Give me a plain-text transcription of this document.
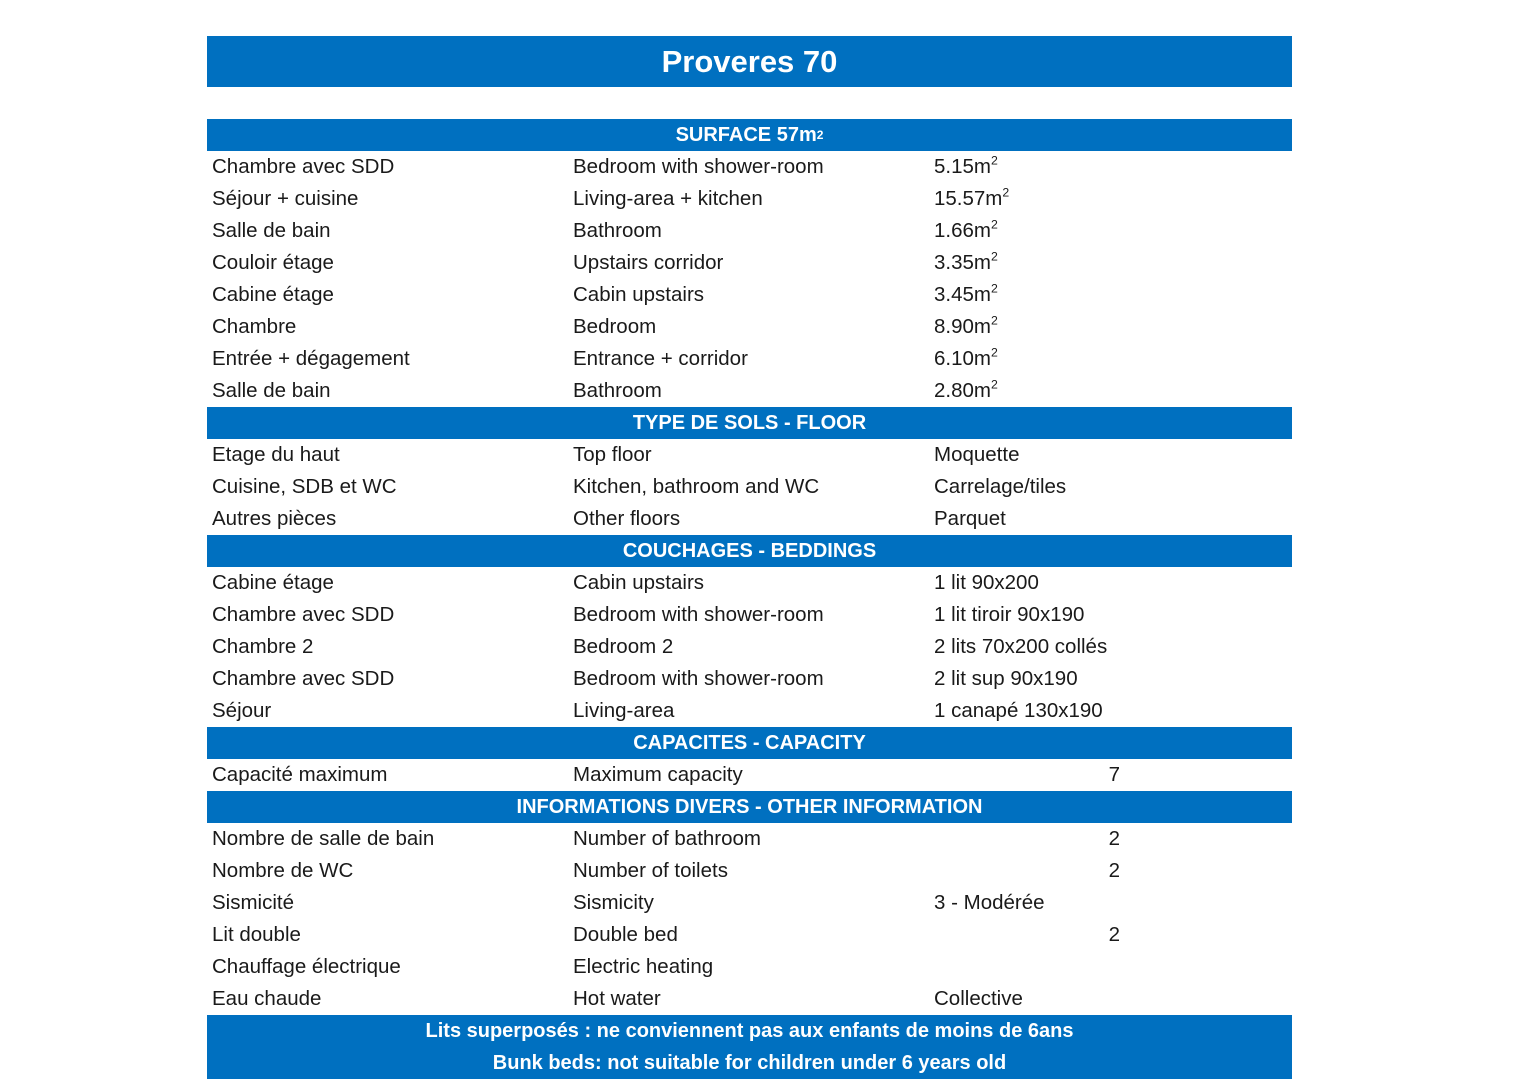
Proveres 70
SURFACE 57m 2
Chambre avec SDD	Bedroom with shower-room	$5.15m^2$
Séjour + cuisine	Living-area + kitchen	$15.57m^2$
Salle de bain	Bathroom	$1.66m^2$
Couloir étage	Upstairs corridor	$3.35m^2$
Cabine étage	Cabin upstairs	$3.45m^2$
Chambre	Bedroom	$8.90m^2$
Entrée + dégagement	Entrance + corridor	$6.10m^2$
Salle de bain	Bathroom	$2.80m^2$
TYPE DE SOLS - FLOOR
Etage du haut	Top floor	Moquette
Cuisine, SDB et WC	Kitchen, bathroom and WC	Carrelage/tiles
Autres pièces	Other floors	Parquet
COUCHAGES - BEDDINGS
Cabine étage	Cabin upstairs	1 lit 90x200
Chambre avec SDD	Bedroom with shower-room	1 lit tiroir 90x190
Chambre 2	Bedroom 2	2 lits 70x200 collés
Chambre avec SDD	Bedroom with shower-room	2 lit sup 90x190
Séjour	Living-area	1 canapé 130x190
CAPACITES - CAPACITY
Capacité maximum	Maximum capacity	7
INFORMATIONS DIVERS - OTHER INFORMATION
Nombre de salle de bain	Number of bathroom	2
Nombre de WC	Number of toilets	2
Sismicité	Sismicity	3 - Modérée
Lit double	Double bed	2
Chauffage électrique	Electric heating
Eau chaude	Hot water	Collective
Lits superposés : ne conviennent pas aux enfants de moins de 6ans
Bunk beds: not suitable for children under 6 years old
